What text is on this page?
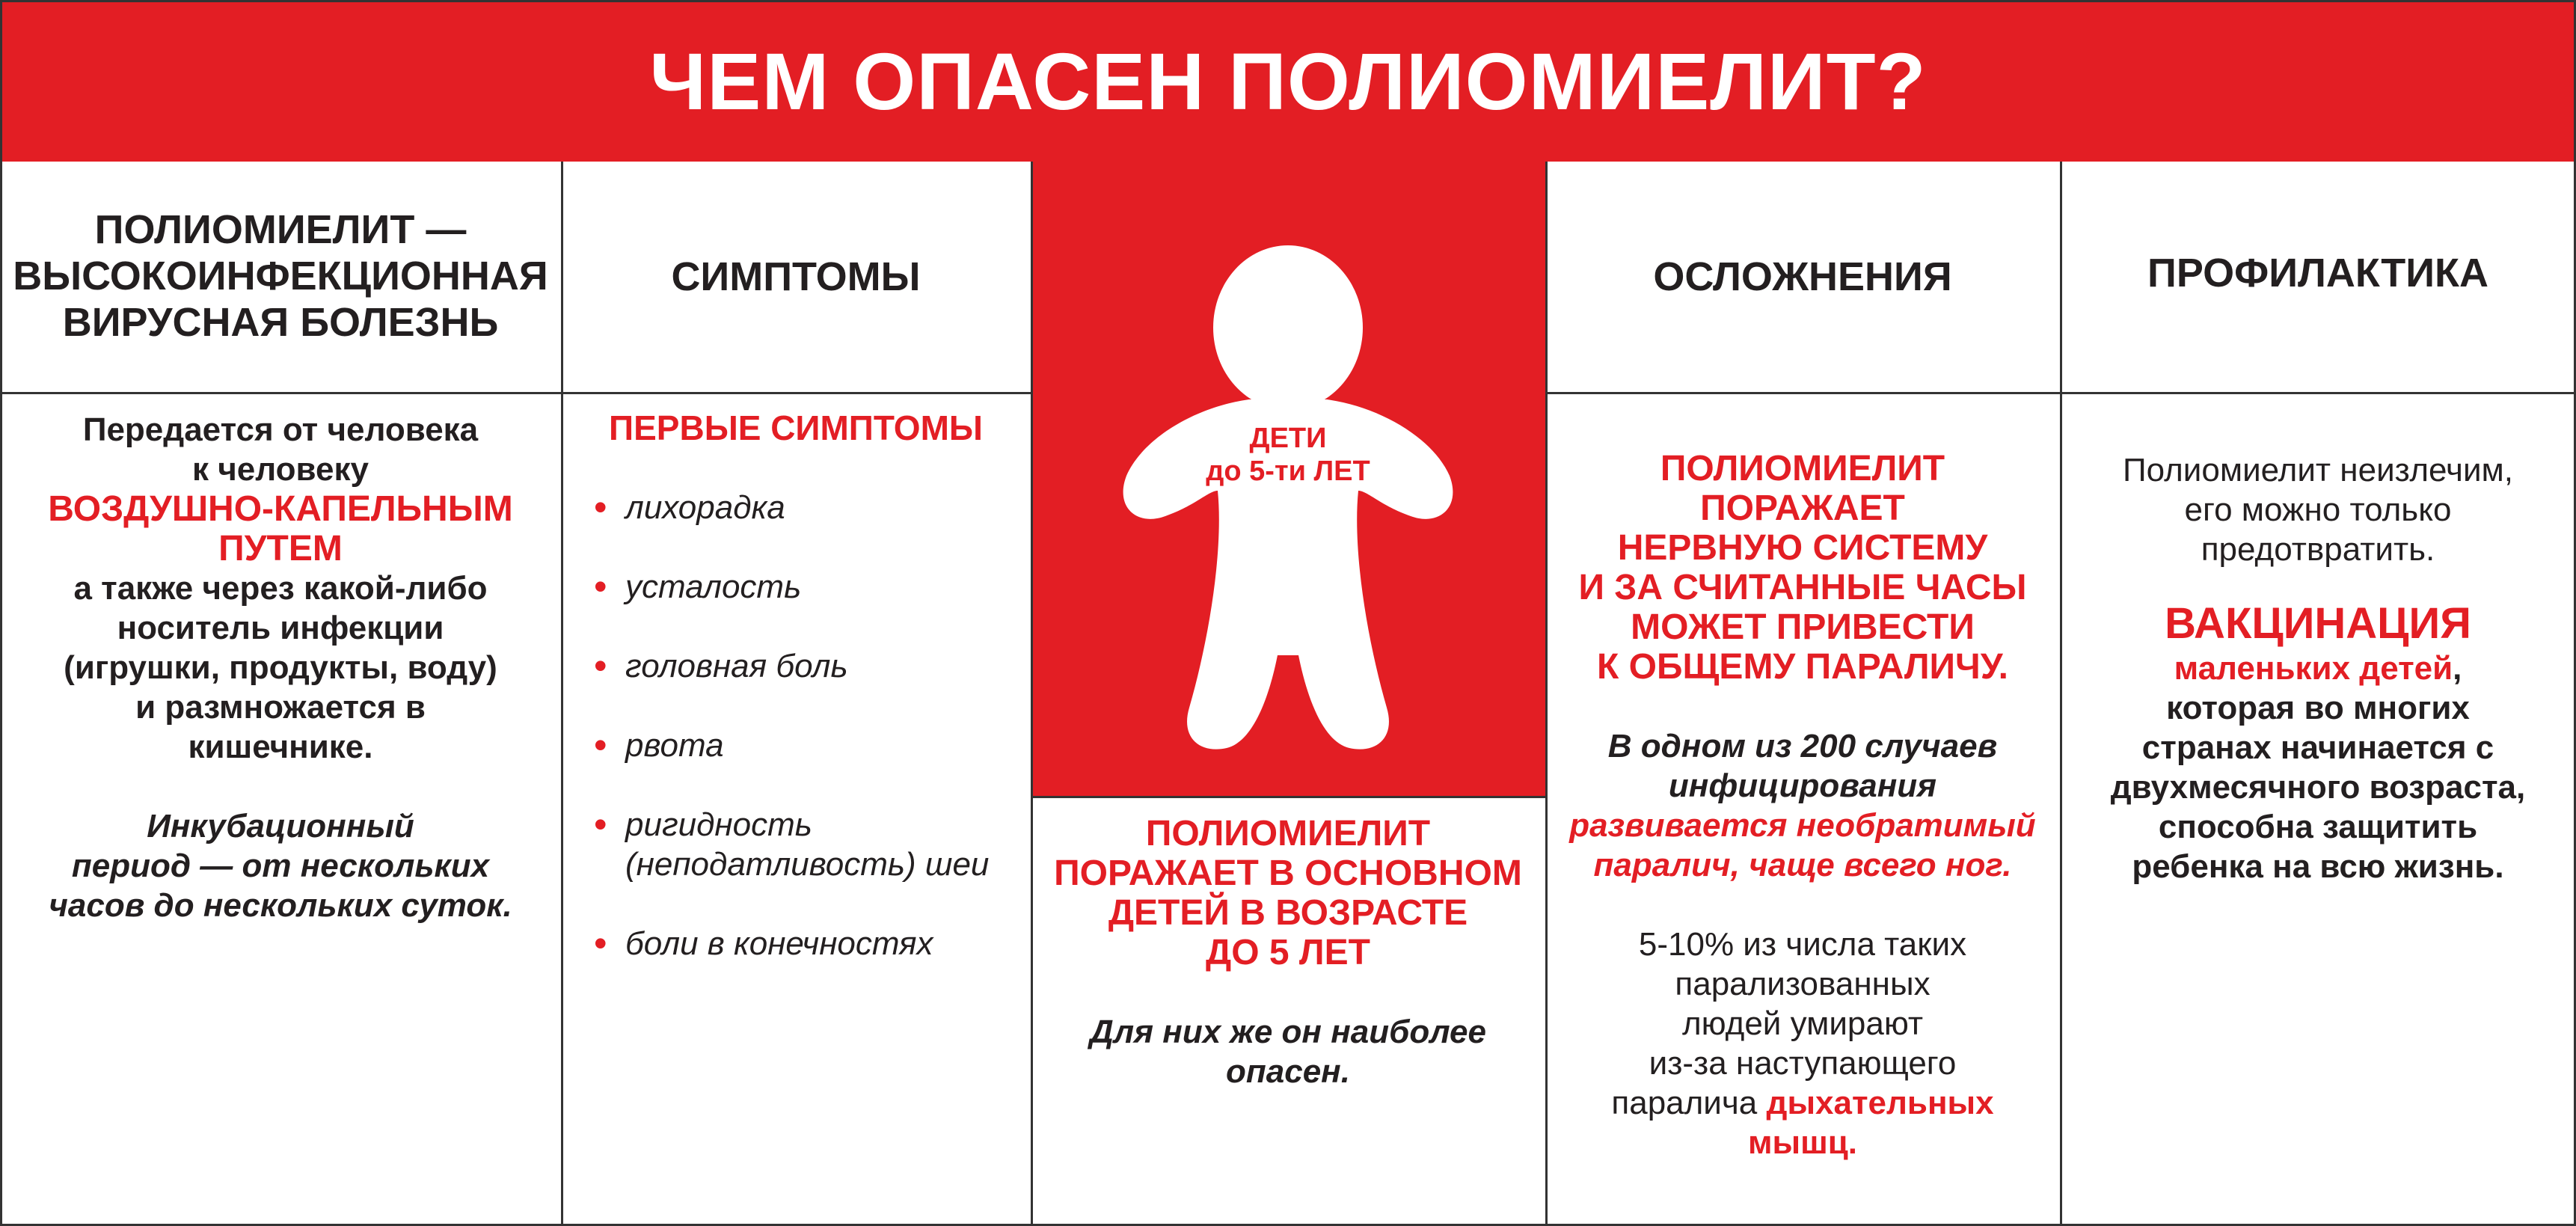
ЧЕМ ОПАСЕН ПОЛИОМИЕЛИТ?
ДЕТИ
до 5-ти ЛЕТ
ПОЛИОМИЕЛИТ —
ВЫСОКОИНФЕКЦИОННАЯ
ВИРУСНАЯ БОЛЕЗНЬ
Передается от человека
к человеку
ВОЗДУШНО-КАПЕЛЬНЫМ
ПУТЕМ
а также через какой-либо
носитель инфекции
(игрушки, продукты, воду)
и размножается в
кишечнике.
Инкубационный
период — от нескольких
часов до нескольких суток.
СИМПТОМЫ
ПЕРВЫЕ СИМПТОМЫ
• лихорадка
• усталость
• головная боль
• рвота
• ригидность (неподатливость) шеи
• боли в конечностях
ПОЛИОМИЕЛИТ
ПОРАЖАЕТ В ОСНОВНОМ
ДЕТЕЙ В ВОЗРАСТЕ
ДО 5 ЛЕТ
Для них же он наиболее
опасен.
ОСЛОЖНЕНИЯ
ПОЛИОМИЕЛИТ
ПОРАЖАЕТ
НЕРВНУЮ СИСТЕМУ
И ЗА СЧИТАННЫЕ ЧАСЫ
МОЖЕТ ПРИВЕСТИ
К ОБЩЕМУ ПАРАЛИЧУ.
В одном из 200 случаев
инфицирования
развивается необратимый
паралич, чаще всего ног.
5-10% из числа таких
парализованных
людей умирают
из-за наступающего
паралича дыхательных
мышц.
ПРОФИЛАКТИКА
Полиомиелит неизлечим,
его можно только
предотвратить.
ВАКЦИНАЦИЯ
маленьких детей,
которая во многих
странах начинается с
двухмесячного возраста,
способна защитить
ребенка на всю жизнь.
